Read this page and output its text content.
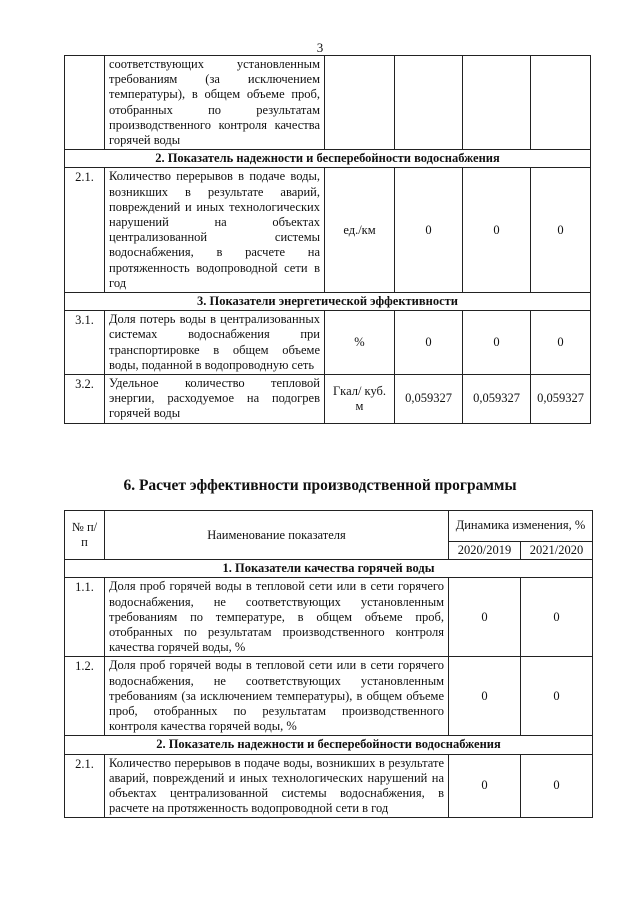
3
	соответствующих установленным требованиям (за исключением температуры), в общем объеме проб, отобранных по результатам производственного контроля качества горячей воды				
2. Показатель надежности и бесперебойности водоснабжения					
2.1.	Количество перерывов в подаче воды, возникших в результате аварий, повреждений и иных технологических нарушений на объектах централизованной системы водоснабжения, в расчете на протяженность водопроводной сети в год	ед./км	0	0	0
3. Показатели энергетической эффективности					
3.1.	Доля потерь воды в централизованных системах водоснабжения при транспортировке в общем объеме воды, поданной в водопроводную сеть	%	0	0	0
3.2.	Удельное количество тепловой энергии, расходуемое на подогрев горячей воды	Гкал/ куб. м	0,059327	0,059327	0,059327
6. Расчет эффективности производственной программы
№ п/п	Наименование показателя	Динамика изменения, %	
		2020/2019	2021/2020
1. Показатели качества горячей воды			
1.1.	Доля проб горячей воды в тепловой сети или в сети горячего водоснабжения, не соответствующих установленным требованиям по температуре, в общем объеме проб, отобранных по результатам производственного контроля качества горячей воды, %	0	0
1.2.	Доля проб горячей воды в тепловой сети или в сети горячего водоснабжения, не соответствующих установленным требованиям (за исключением температуры), в общем объеме проб, отобранных по результатам производственного контроля качества горячей воды, %	0	0
2. Показатель надежности и бесперебойности водоснабжения			
2.1.	Количество перерывов в подаче воды, возникших в результате аварий, повреждений и иных технологических нарушений на объектах централизованной системы водоснабжения, в расчете на протяженность водопроводной сети в год	0	0
